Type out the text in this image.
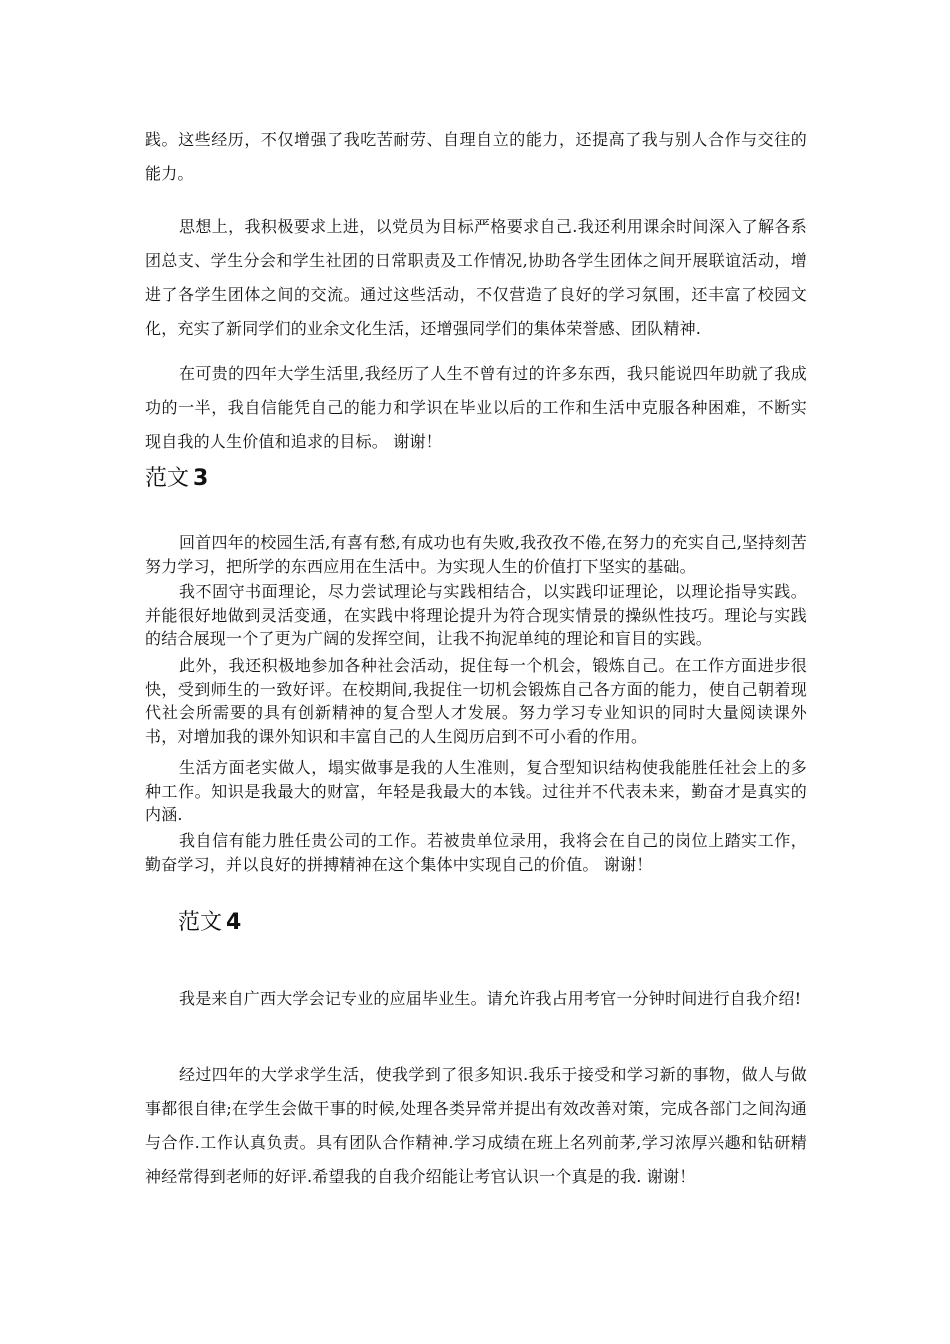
践。这些经历，不仅增强了我吃苦耐劳、自理自立的能力，还提高了我与别人合作与交往的能力。

思想上，我积极要求上进，以党员为目标严格要求自己.我还利用课余时间深入了解各系团总支、学生分会和学生社团的日常职责及工作情况,协助各学生团体之间开展联谊活动，增进了各学生团体之间的交流。通过这些活动，不仅营造了良好的学习氛围，还丰富了校园文化，充实了新同学们的业余文化生活，还增强同学们的集体荣誉感、团队精神.

在可贵的四年大学生活里,我经历了人生不曾有过的许多东西，我只能说四年助就了我成功的一半，我自信能凭自己的能力和学识在毕业以后的工作和生活中克服各种困难，不断实现自我的人生价值和追求的目标。 谢谢！

范文 3

回首四年的校园生活,有喜有愁,有成功也有失败,我孜孜不倦,在努力的充实自己,坚持刻苦努力学习，把所学的东西应用在生活中。为实现人生的价值打下坚实的基础。

我不固守书面理论，尽力尝试理论与实践相结合，以实践印证理论，以理论指导实践。并能很好地做到灵活变通，在实践中将理论提升为符合现实情景的操纵性技巧。理论与实践的结合展现一个了更为广阔的发挥空间，让我不拘泥单纯的理论和盲目的实践。

此外，我还积极地参加各种社会活动，捉住每一个机会，锻炼自己。在工作方面进步很快，受到师生的一致好评。在校期间,我捉住一切机会锻炼自己各方面的能力，使自己朝着现代社会所需要的具有创新精神的复合型人才发展。努力学习专业知识的同时大量阅读课外书，对增加我的课外知识和丰富自己的人生阅历启到不可小看的作用。

生活方面老实做人，塌实做事是我的人生准则，复合型知识结构使我能胜任社会上的多种工作。知识是我最大的财富，年轻是我最大的本钱。过往并不代表未来，勤奋才是真实的内涵.

我自信有能力胜任贵公司的工作。若被贵单位录用，我将会在自己的岗位上踏实工作，勤奋学习，并以良好的拼搏精神在这个集体中实现自己的价值。 谢谢！

范文 4

我是来自广西大学会记专业的应届毕业生。请允许我占用考官一分钟时间进行自我介绍!

经过四年的大学求学生活，使我学到了很多知识.我乐于接受和学习新的事物，做人与做事都很自律;在学生会做干事的时候,处理各类异常并提出有效改善对策，完成各部门之间沟通与合作.工作认真负责。具有团队合作精神.学习成绩在班上名列前茅,学习浓厚兴趣和钻研精神经常得到老师的好评.希望我的自我介绍能让考官认识一个真是的我. 谢谢！
